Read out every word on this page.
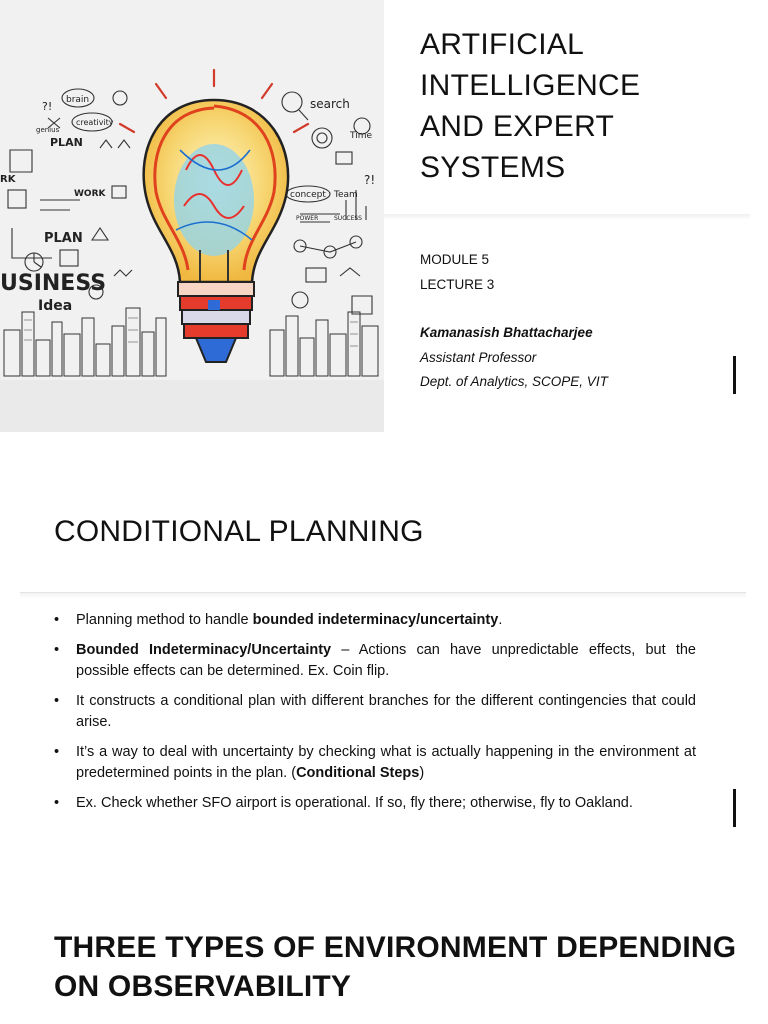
brain	search
creativity
PLAN	Time
WORK	concept Team
USINESS
Idea
PLAN
RK
?!
?!
POWER	SUCCESS
genius
ARTIFICIAL
INTELLIGENCE
AND EXPERT
SYSTEMS
MODULE 5
LECTURE 3
Kamanasish Bhattacharjee
Assistant Professor
Dept. of Analytics, SCOPE, VIT
CONDITIONAL PLANNING
• Planning method to handle bounded indeterminacy/uncertainty.
• Bounded Indeterminacy/Uncertainty – Actions can have unpredictable effects, but the possible effects can be determined. Ex. Coin flip.
• It constructs a conditional plan with different branches for the different contingencies that could arise.
• It’s a way to deal with uncertainty by checking what is actually happening in the environment at predetermined points in the plan. (Conditional Steps)
• Ex. Check whether SFO airport is operational. If so, fly there; otherwise, fly to Oakland.
THREE TYPES OF ENVIRONMENT DEPENDING
ON OBSERVABILITY
